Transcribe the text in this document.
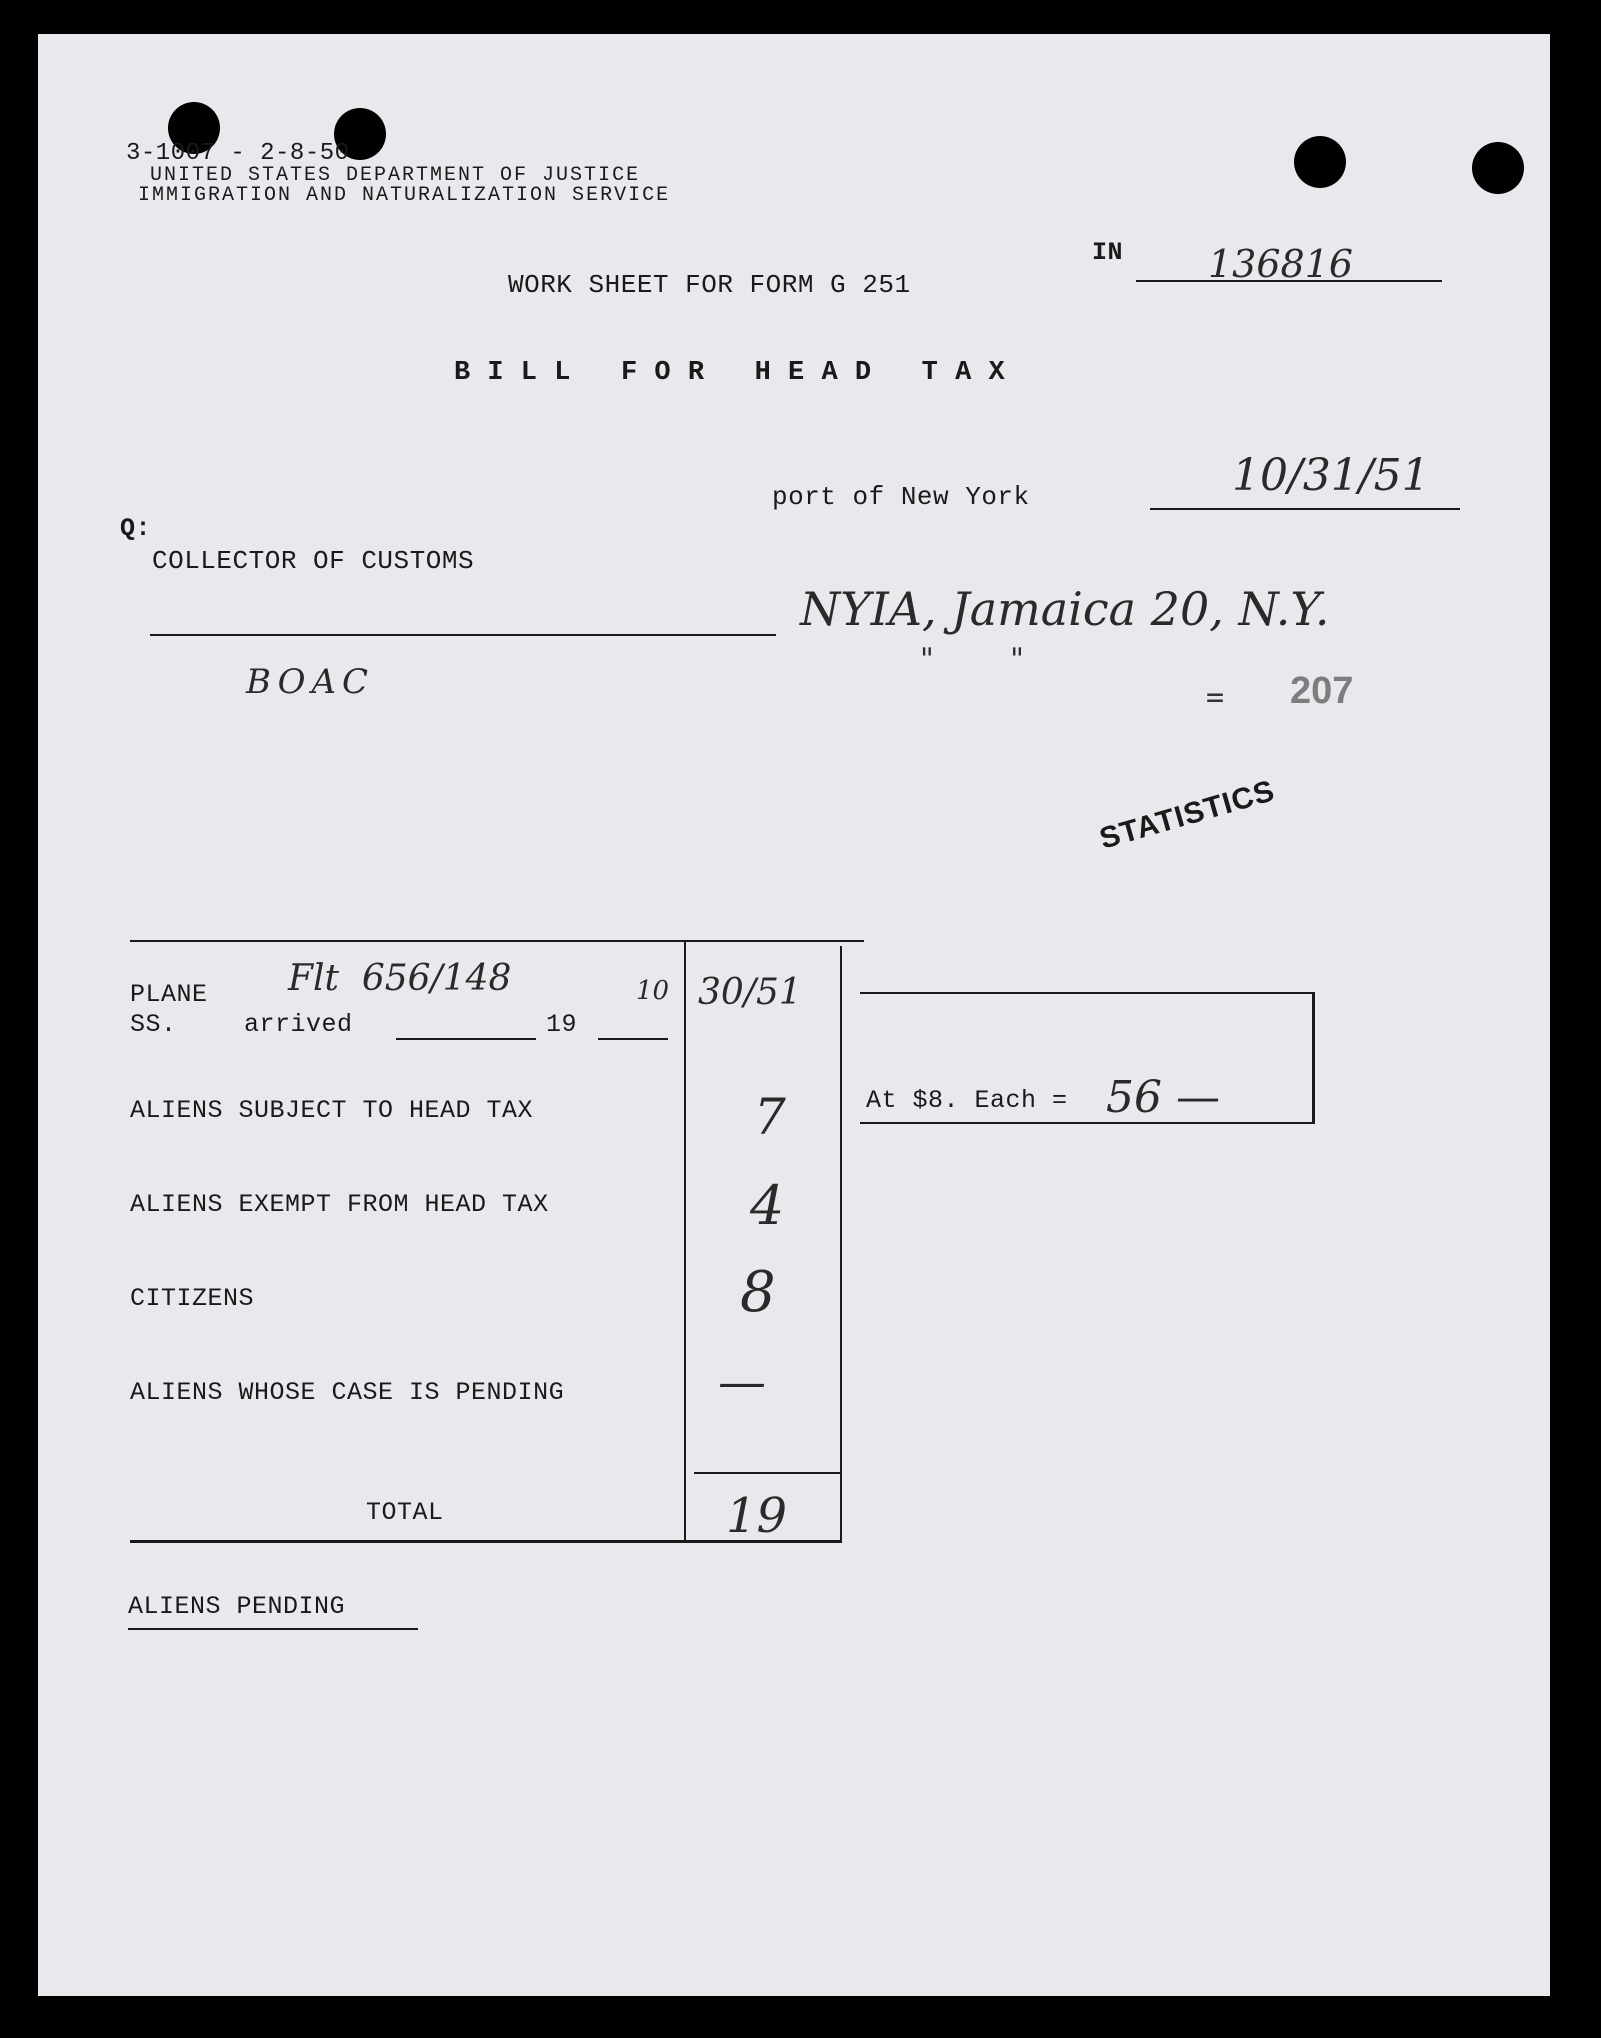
3-1007 - 2-8-50
UNITED STATES DEPARTMENT OF JUSTICE
IMMIGRATION AND NATURALIZATION SERVICE
IN 136816
WORK SHEET FOR FORM G 251
B I L L   F O R   H E A D   T A X
port of New York	10/31/51
Q:
COLLECTOR OF CUSTOMS
BOAC
NYIA, Jamaica 20, N.Y.
"        "
= 207
STATISTICS
PLANE
SS.	arrived	19
Flt  656/148	10 30/51
ALIENS SUBJECT TO HEAD TAX	7
ALIENS EXEMPT FROM HEAD TAX	4
CITIZENS	8
ALIENS WHOSE CASE IS PENDING	—
TOTAL	19
At $8. Each = 56 —
ALIENS PENDING
